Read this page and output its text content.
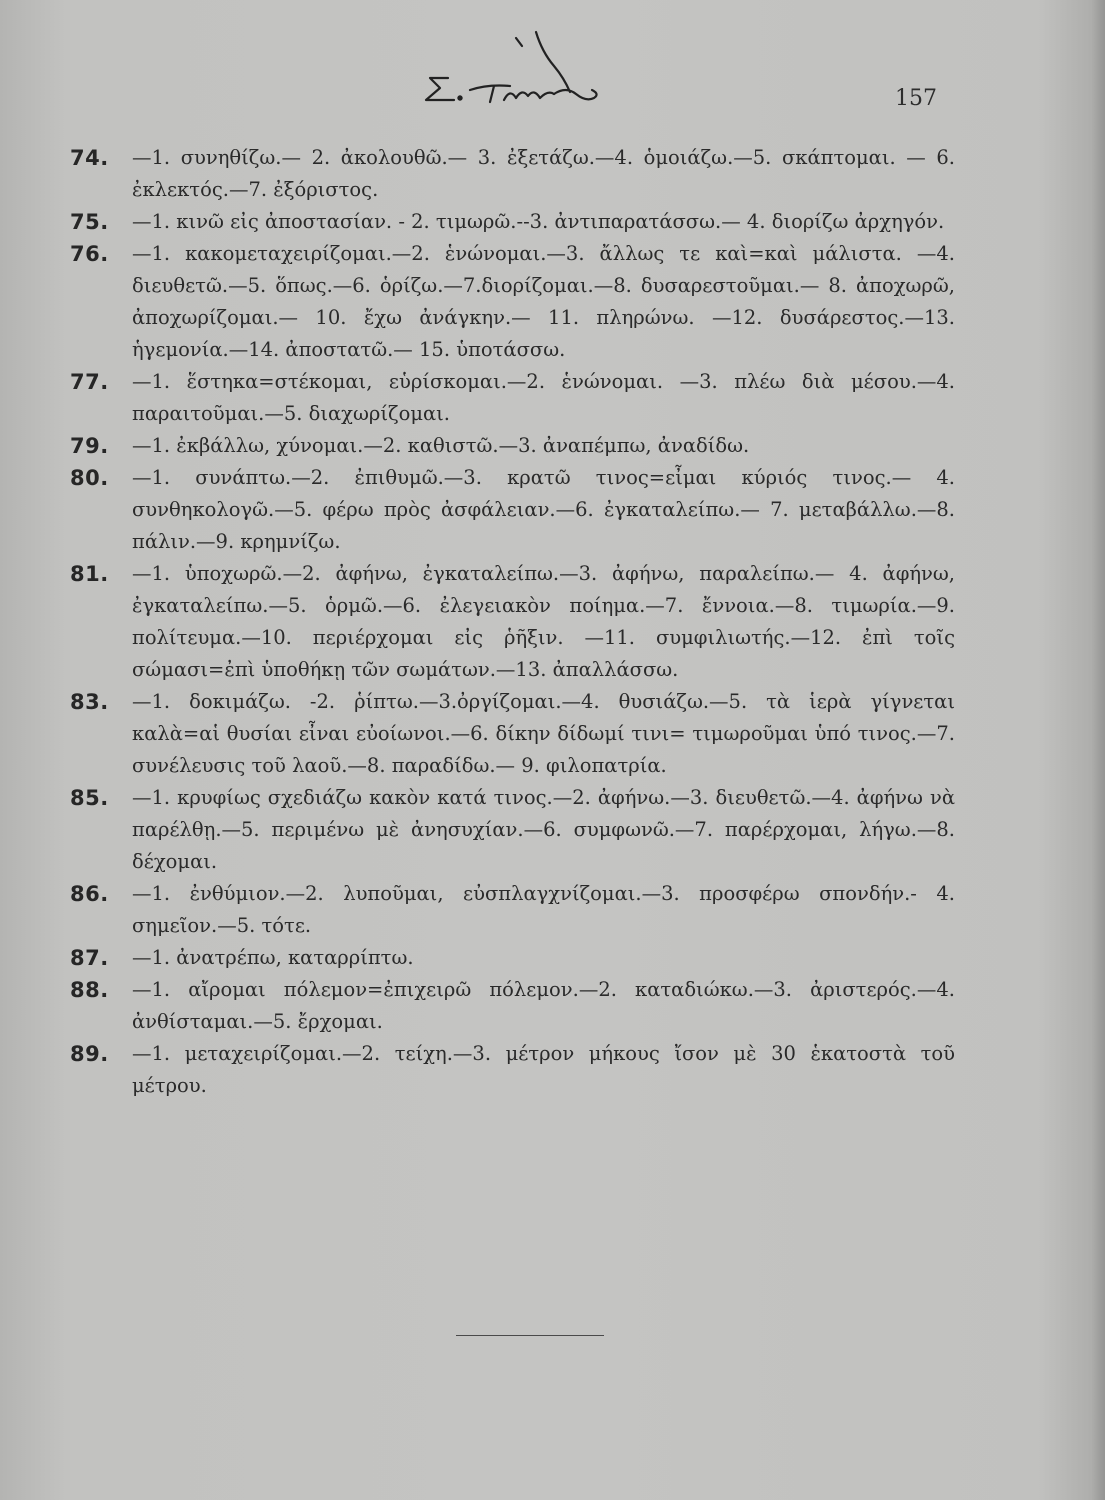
157
74. —1. συνηθίζω.— 2. ἀκολουθῶ.— 3. ἐξετάζω.—4. ὁμοιάζω.—5. σκάπτομαι. — 6. ἐκλεκτός.—7. ἐξόριστος.
75. —1. κινῶ εἰς ἀποστασίαν. - 2. τιμωρῶ.--3. ἀντιπαρατάσσω.— 4. διορίζω ἀρχηγόν.
76. —1. κακομεταχειρίζομαι.—2. ἑνώνομαι.—3. ἄλλως τε καὶ=καὶ μάλιστα. —4. διευθετῶ.—5. ὅπως.—6. ὁρίζω.—7.διορίζομαι.—8. δυσαρεστοῦμαι.— 8. ἀποχωρῶ, ἀποχωρίζομαι.— 10. ἔχω ἀνάγκην.— 11. πληρώνω. —12. δυσάρεστος.—13. ἡγεμονία.—14. ἀποστατῶ.— 15. ὑποτάσσω.
77. —1. ἕστηκα=στέκομαι, εὑρίσκομαι.—2. ἑνώνομαι. —3. πλέω διὰ μέσου.—4. παραιτοῦμαι.—5. διαχωρίζομαι.
79. —1. ἐκβάλλω, χύνομαι.—2. καθιστῶ.—3. ἀναπέμπω, ἀναδίδω.
80. —1. συνάπτω.—2. ἐπιθυμῶ.—3. κρατῶ τινος=εἶμαι κύριός τινος.— 4. συνθηκολογῶ.—5. φέρω πρὸς ἀσφάλειαν.—6. ἐγκαταλείπω.— 7. μεταβάλλω.—8. πάλιν.—9. κρημνίζω.
81. —1. ὑποχωρῶ.—2. ἀφήνω, ἐγκαταλείπω.—3. ἀφήνω, παραλείπω.— 4. ἀφήνω, ἐγκαταλείπω.—5. ὁρμῶ.—6. ἐλεγειακὸν ποίημα.—7. ἔννοια.—8. τιμωρία.—9. πολίτευμα.—10. περιέρχομαι εἰς ῥῆξιν. —11. συμφιλιωτής.—12. ἐπὶ τοῖς σώμασι=ἐπὶ ὑποθήκῃ τῶν σωμάτων.—13. ἀπαλλάσσω.
83. —1. δοκιμάζω. -2. ῥίπτω.—3.ὀργίζομαι.—4. θυσιάζω.—5. τὰ ἱερὰ γίγνεται καλὰ=αἱ θυσίαι εἶναι εὐοίωνοι.—6. δίκην δίδωμί τινι= τιμωροῦμαι ὑπό τινος.—7. συνέλευσις τοῦ λαοῦ.—8. παραδίδω.— 9. φιλοπατρία.
85. —1. κρυφίως σχεδιάζω κακὸν κατά τινος.—2. ἀφήνω.—3. διευθετῶ.—4. ἀφήνω νὰ παρέλθῃ.—5. περιμένω μὲ ἀνησυχίαν.—6. συμφωνῶ.—7. παρέρχομαι, λήγω.—8. δέχομαι.
86. —1. ἐνθύμιον.—2. λυποῦμαι, εὐσπλαγχνίζομαι.—3. προσφέρω σπονδήν.- 4. σημεῖον.—5. τότε.
87. —1. ἀνατρέπω, καταρρίπτω.
88. —1. αἴρομαι πόλεμον=ἐπιχειρῶ πόλεμον.—2. καταδιώκω.—3. ἀριστερός.—4. ἀνθίσταμαι.—5. ἔρχομαι.
89. —1. μεταχειρίζομαι.—2. τείχη.—3. μέτρον μήκους ἴσον μὲ 30 ἑκατοστὰ τοῦ μέτρου.
